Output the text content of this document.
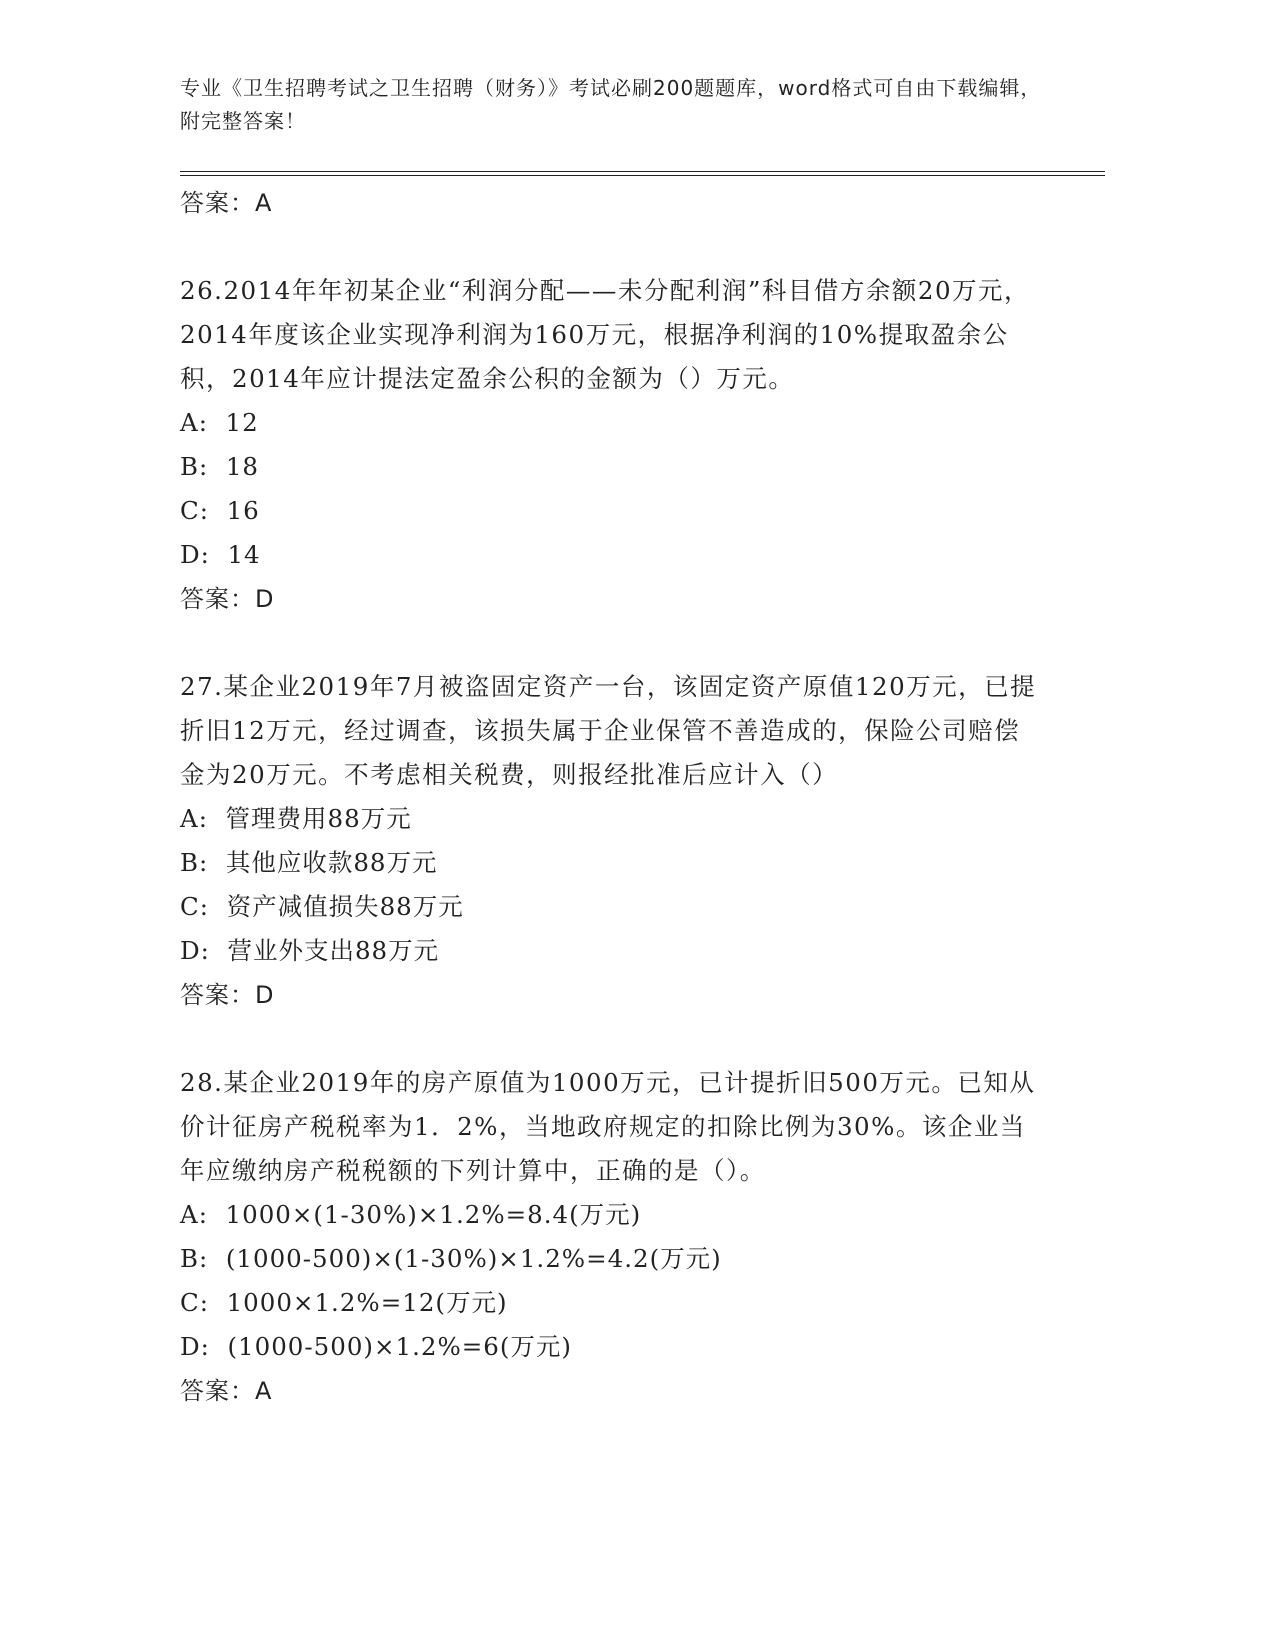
专业《卫生招聘考试之卫生招聘（财务）》考试必刷200题题库，word格式可自由下载编辑，附完整答案！
答案：A
26.2014年年初某企业“利润分配——未分配利润”科目借方余额20万元，2014年度该企业实现净利润为160万元，根据净利润的10%提取盈余公积，2014年应计提法定盈余公积的金额为（）万元。
A:  12
B:  18
C:  16
D:  14
答案：D
27.某企业2019年7月被盗固定资产一台，该固定资产原值120万元，已提折旧12万元，经过调查，该损失属于企业保管不善造成的，保险公司赔偿金为20万元。不考虑相关税费，则报经批准后应计入（）
A:  管理费用88万元
B:  其他应收款88万元
C:  资产减值损失88万元
D:  营业外支出88万元
答案：D
28.某企业2019年的房产原值为1000万元，已计提折旧500万元。已知从价计征房产税税率为1．2%，当地政府规定的扣除比例为30%。该企业当年应缴纳房产税税额的下列计算中，正确的是（）。
A:  1000×(1-30%)×1.2%=8.4(万元)
B:  (1000-500)×(1-30%)×1.2%=4.2(万元)
C:  1000×1.2%=12(万元)
D:  (1000-500)×1.2%=6(万元)
答案：A
